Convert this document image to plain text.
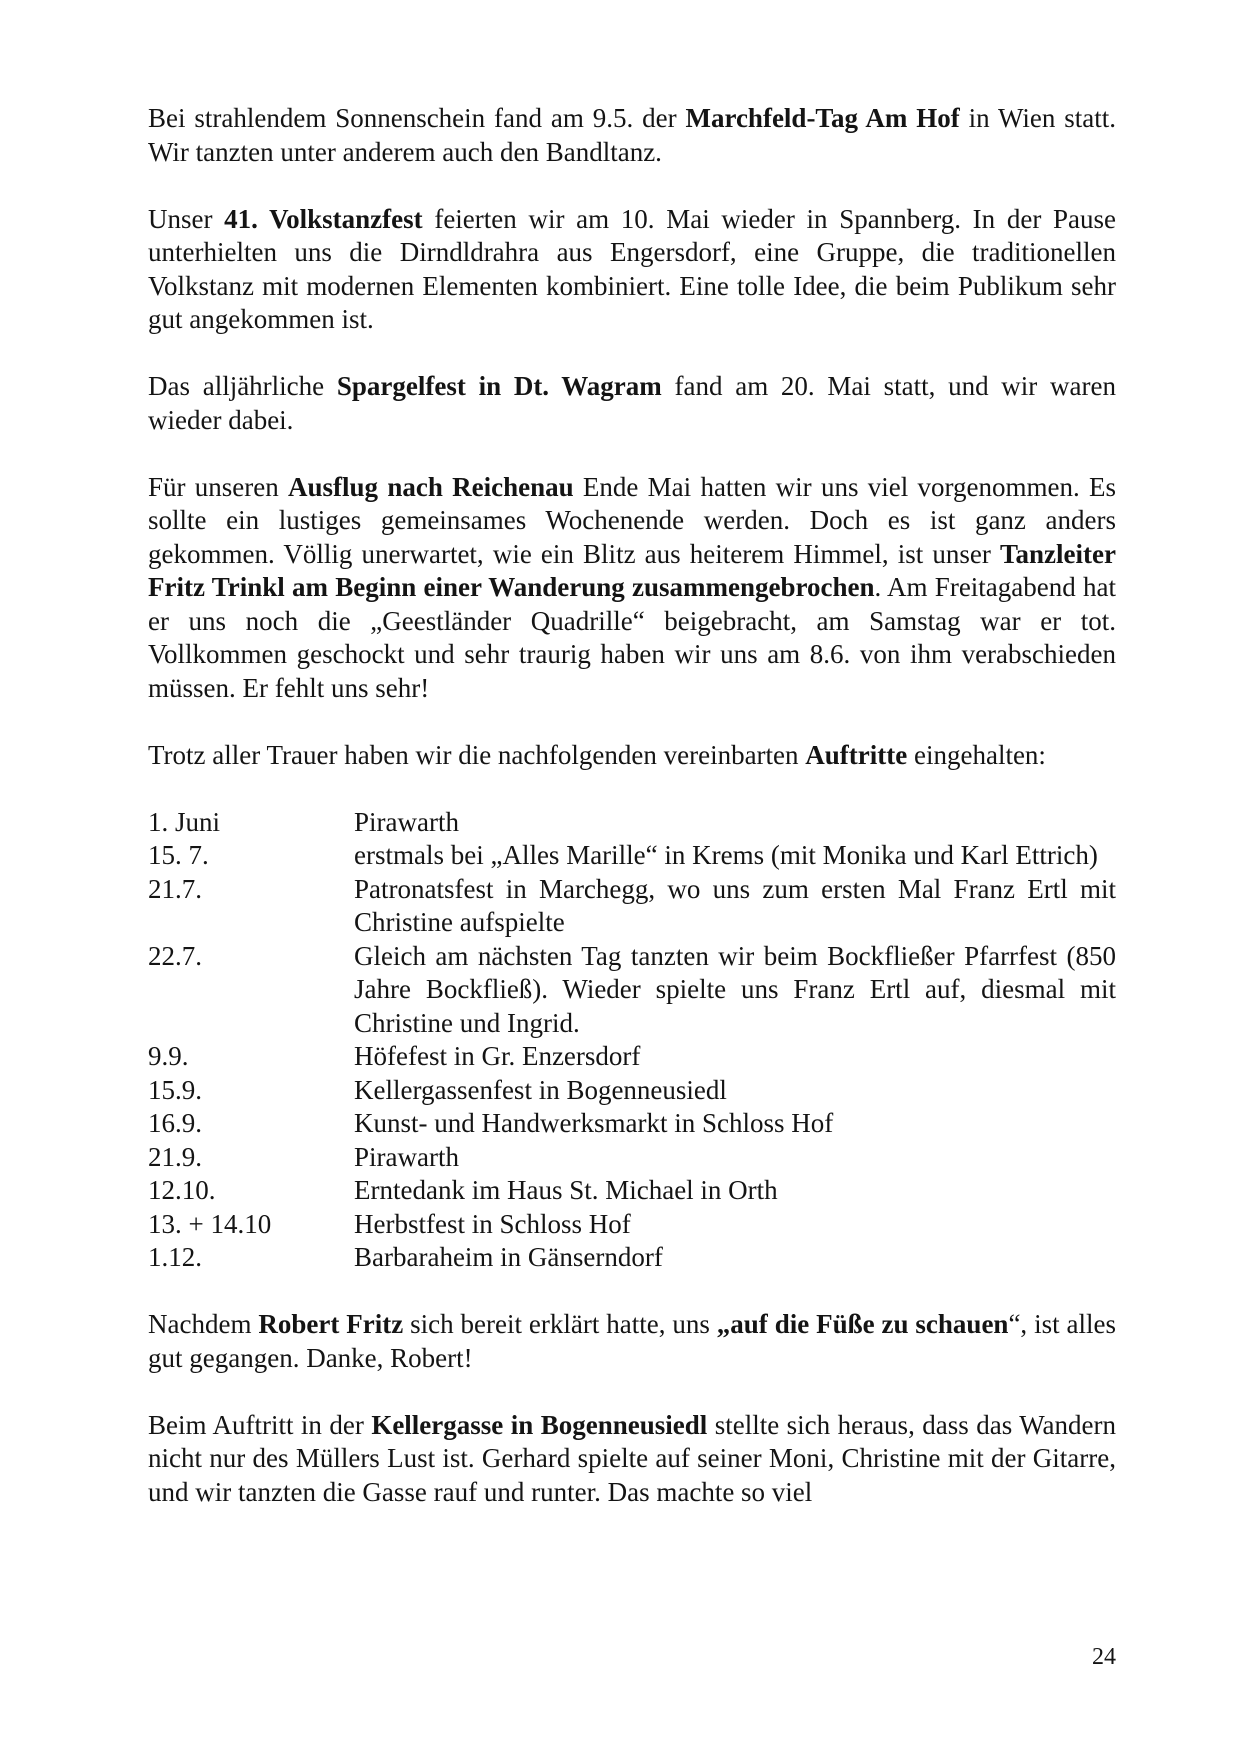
Bei strahlendem Sonnenschein fand am 9.5. der Marchfeld-Tag Am Hof in Wien statt. Wir tanzten unter anderem auch den Bandltanz.

Unser 41. Volkstanzfest feierten wir am 10. Mai wieder in Spannberg. In der Pause unterhielten uns die Dirndldrahra aus Engersdorf, eine Gruppe, die traditionellen Volkstanz mit modernen Elementen kombiniert. Eine tolle Idee, die beim Publikum sehr gut angekommen ist.

Das alljährliche Spargelfest in Dt. Wagram fand am 20. Mai statt, und wir waren wieder dabei.

Für unseren Ausflug nach Reichenau Ende Mai hatten wir uns viel vorgenommen. Es sollte ein lustiges gemeinsames Wochenende werden. Doch es ist ganz anders gekommen. Völlig unerwartet, wie ein Blitz aus heiterem Himmel, ist unser Tanzleiter Fritz Trinkl am Beginn einer Wanderung zusammengebrochen. Am Freitagabend hat er uns noch die „Geestländer Quadrille“ beigebracht, am Samstag war er tot. Vollkommen geschockt und sehr traurig haben wir uns am 8.6. von ihm verabschieden müssen. Er fehlt uns sehr!

Trotz aller Trauer haben wir die nachfolgenden vereinbarten Auftritte eingehalten:

1. Juni	Pirawarth
15. 7.	erstmals bei „Alles Marille“ in Krems (mit Monika und Karl Ettrich)
21.7.	Patronatsfest in Marchegg, wo uns zum ersten Mal Franz Ertl mit Christine aufspielte
22.7.	Gleich am nächsten Tag tanzten wir beim Bockfließer Pfarrfest (850 Jahre Bockfließ). Wieder spielte uns Franz Ertl auf, diesmal mit Christine und Ingrid.
9.9.	Höfefest in Gr. Enzersdorf
15.9.	Kellergassenfest in Bogenneusiedl
16.9.	Kunst- und Handwerksmarkt in Schloss Hof
21.9.	Pirawarth
12.10.	Erntedank im Haus St. Michael in Orth
13. + 14.10	Herbstfest in Schloss Hof
1.12.	Barbaraheim in Gänserndorf

Nachdem Robert Fritz sich bereit erklärt hatte, uns „auf die Füße zu schauen“, ist alles gut gegangen. Danke, Robert!

Beim Auftritt in der Kellergasse in Bogenneusiedl stellte sich heraus, dass das Wandern nicht nur des Müllers Lust ist. Gerhard spielte auf seiner Moni, Christine mit der Gitarre, und wir tanzten die Gasse rauf und runter. Das machte so viel

24
